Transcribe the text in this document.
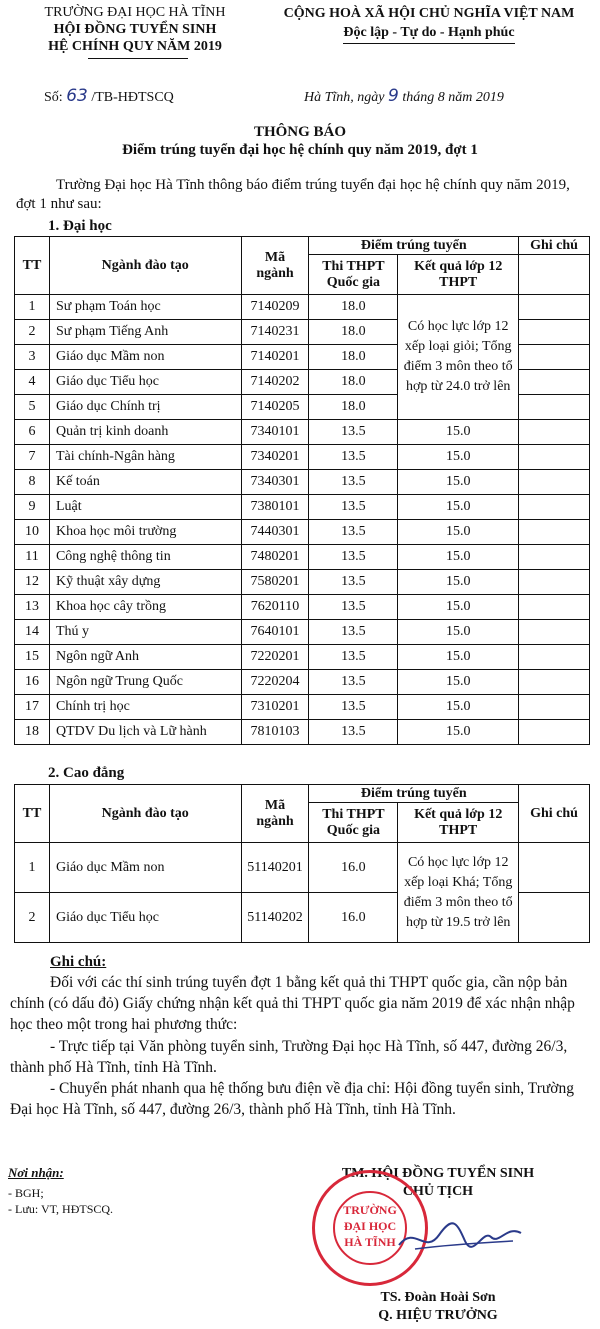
TRƯỜNG ĐẠI HỌC HÀ TĨNH
HỘI ĐỒNG TUYỂN SINH
HỆ CHÍNH QUY NĂM 2019
CỘNG HOÀ XÃ HỘI CHỦ NGHĨA VIỆT NAM
Độc lập - Tự do - Hạnh phúc
Số: 63 /TB-HĐTSCQ	Hà Tĩnh, ngày 9 tháng 8 năm 2019
THÔNG BÁO
Điểm trúng tuyển đại học hệ chính quy năm 2019, đợt 1
Trường Đại học Hà Tĩnh thông báo điểm trúng tuyển đại học hệ chính quy năm 2019, đợt 1 như sau:
1. Đại học
TT	Ngành đào tạo	Mã ngành	Điểm trúng tuyển		Ghi chú
			Thi THPT Quốc gia	Kết quả lớp 12 THPT	
1	Sư phạm Toán học	7140209	18.0	Có học lực lớp 12 xếp loại giỏi; Tổng điểm 3 môn theo tổ hợp từ 24.0 trở lên	
2	Sư phạm Tiếng Anh	7140231	18.0		
3	Giáo dục Mầm non	7140201	18.0		
4	Giáo dục Tiểu học	7140202	18.0		
5	Giáo dục Chính trị	7140205	18.0		
6	Quản trị kinh doanh	7340101	13.5	15.0	
7	Tài chính-Ngân hàng	7340201	13.5	15.0	
8	Kế toán	7340301	13.5	15.0	
9	Luật	7380101	13.5	15.0	
10	Khoa học môi trường	7440301	13.5	15.0	
11	Công nghệ thông tin	7480201	13.5	15.0	
12	Kỹ thuật xây dựng	7580201	13.5	15.0	
13	Khoa học cây trồng	7620110	13.5	15.0	
14	Thú y	7640101	13.5	15.0	
15	Ngôn ngữ Anh	7220201	13.5	15.0	
16	Ngôn ngữ Trung Quốc	7220204	13.5	15.0	
17	Chính trị học	7310201	13.5	15.0	
18	QTDV Du lịch và Lữ hành	7810103	13.5	15.0	
2. Cao đẳng
TT	Ngành đào tạo	Mã ngành	Điểm trúng tuyển		Ghi chú
			Thi THPT Quốc gia	Kết quả lớp 12 THPT	
1	Giáo dục Mầm non	51140201	16.0	Có học lực lớp 12 xếp loại Khá; Tổng điểm 3 môn theo tổ hợp từ 19.5 trở lên	
2	Giáo dục Tiểu học	51140202	16.0		
Ghi chú:
Đối với các thí sinh trúng tuyển đợt 1 bằng kết quả thi THPT quốc gia, cần nộp bản chính (có dấu đỏ) Giấy chứng nhận kết quả thi THPT quốc gia năm 2019 để xác nhận nhập học theo một trong hai phương thức:
- Trực tiếp tại Văn phòng tuyển sinh, Trường Đại học Hà Tĩnh, số 447, đường 26/3, thành phố Hà Tĩnh, tỉnh Hà Tĩnh.
- Chuyển phát nhanh qua hệ thống bưu điện về địa chỉ: Hội đồng tuyển sinh, Trường Đại học Hà Tĩnh, số 447, đường 26/3, thành phố Hà Tĩnh, tỉnh Hà Tĩnh.
Nơi nhận:
- BGH;
- Lưu: VT, HĐTSCQ.
TM. HỘI ĐỒNG TUYỂN SINH
CHỦ TỊCH
TRƯỜNG
ĐẠI HỌC
HÀ TĨNH
TS. Đoàn Hoài Sơn
Q. HIỆU TRƯỞNG
